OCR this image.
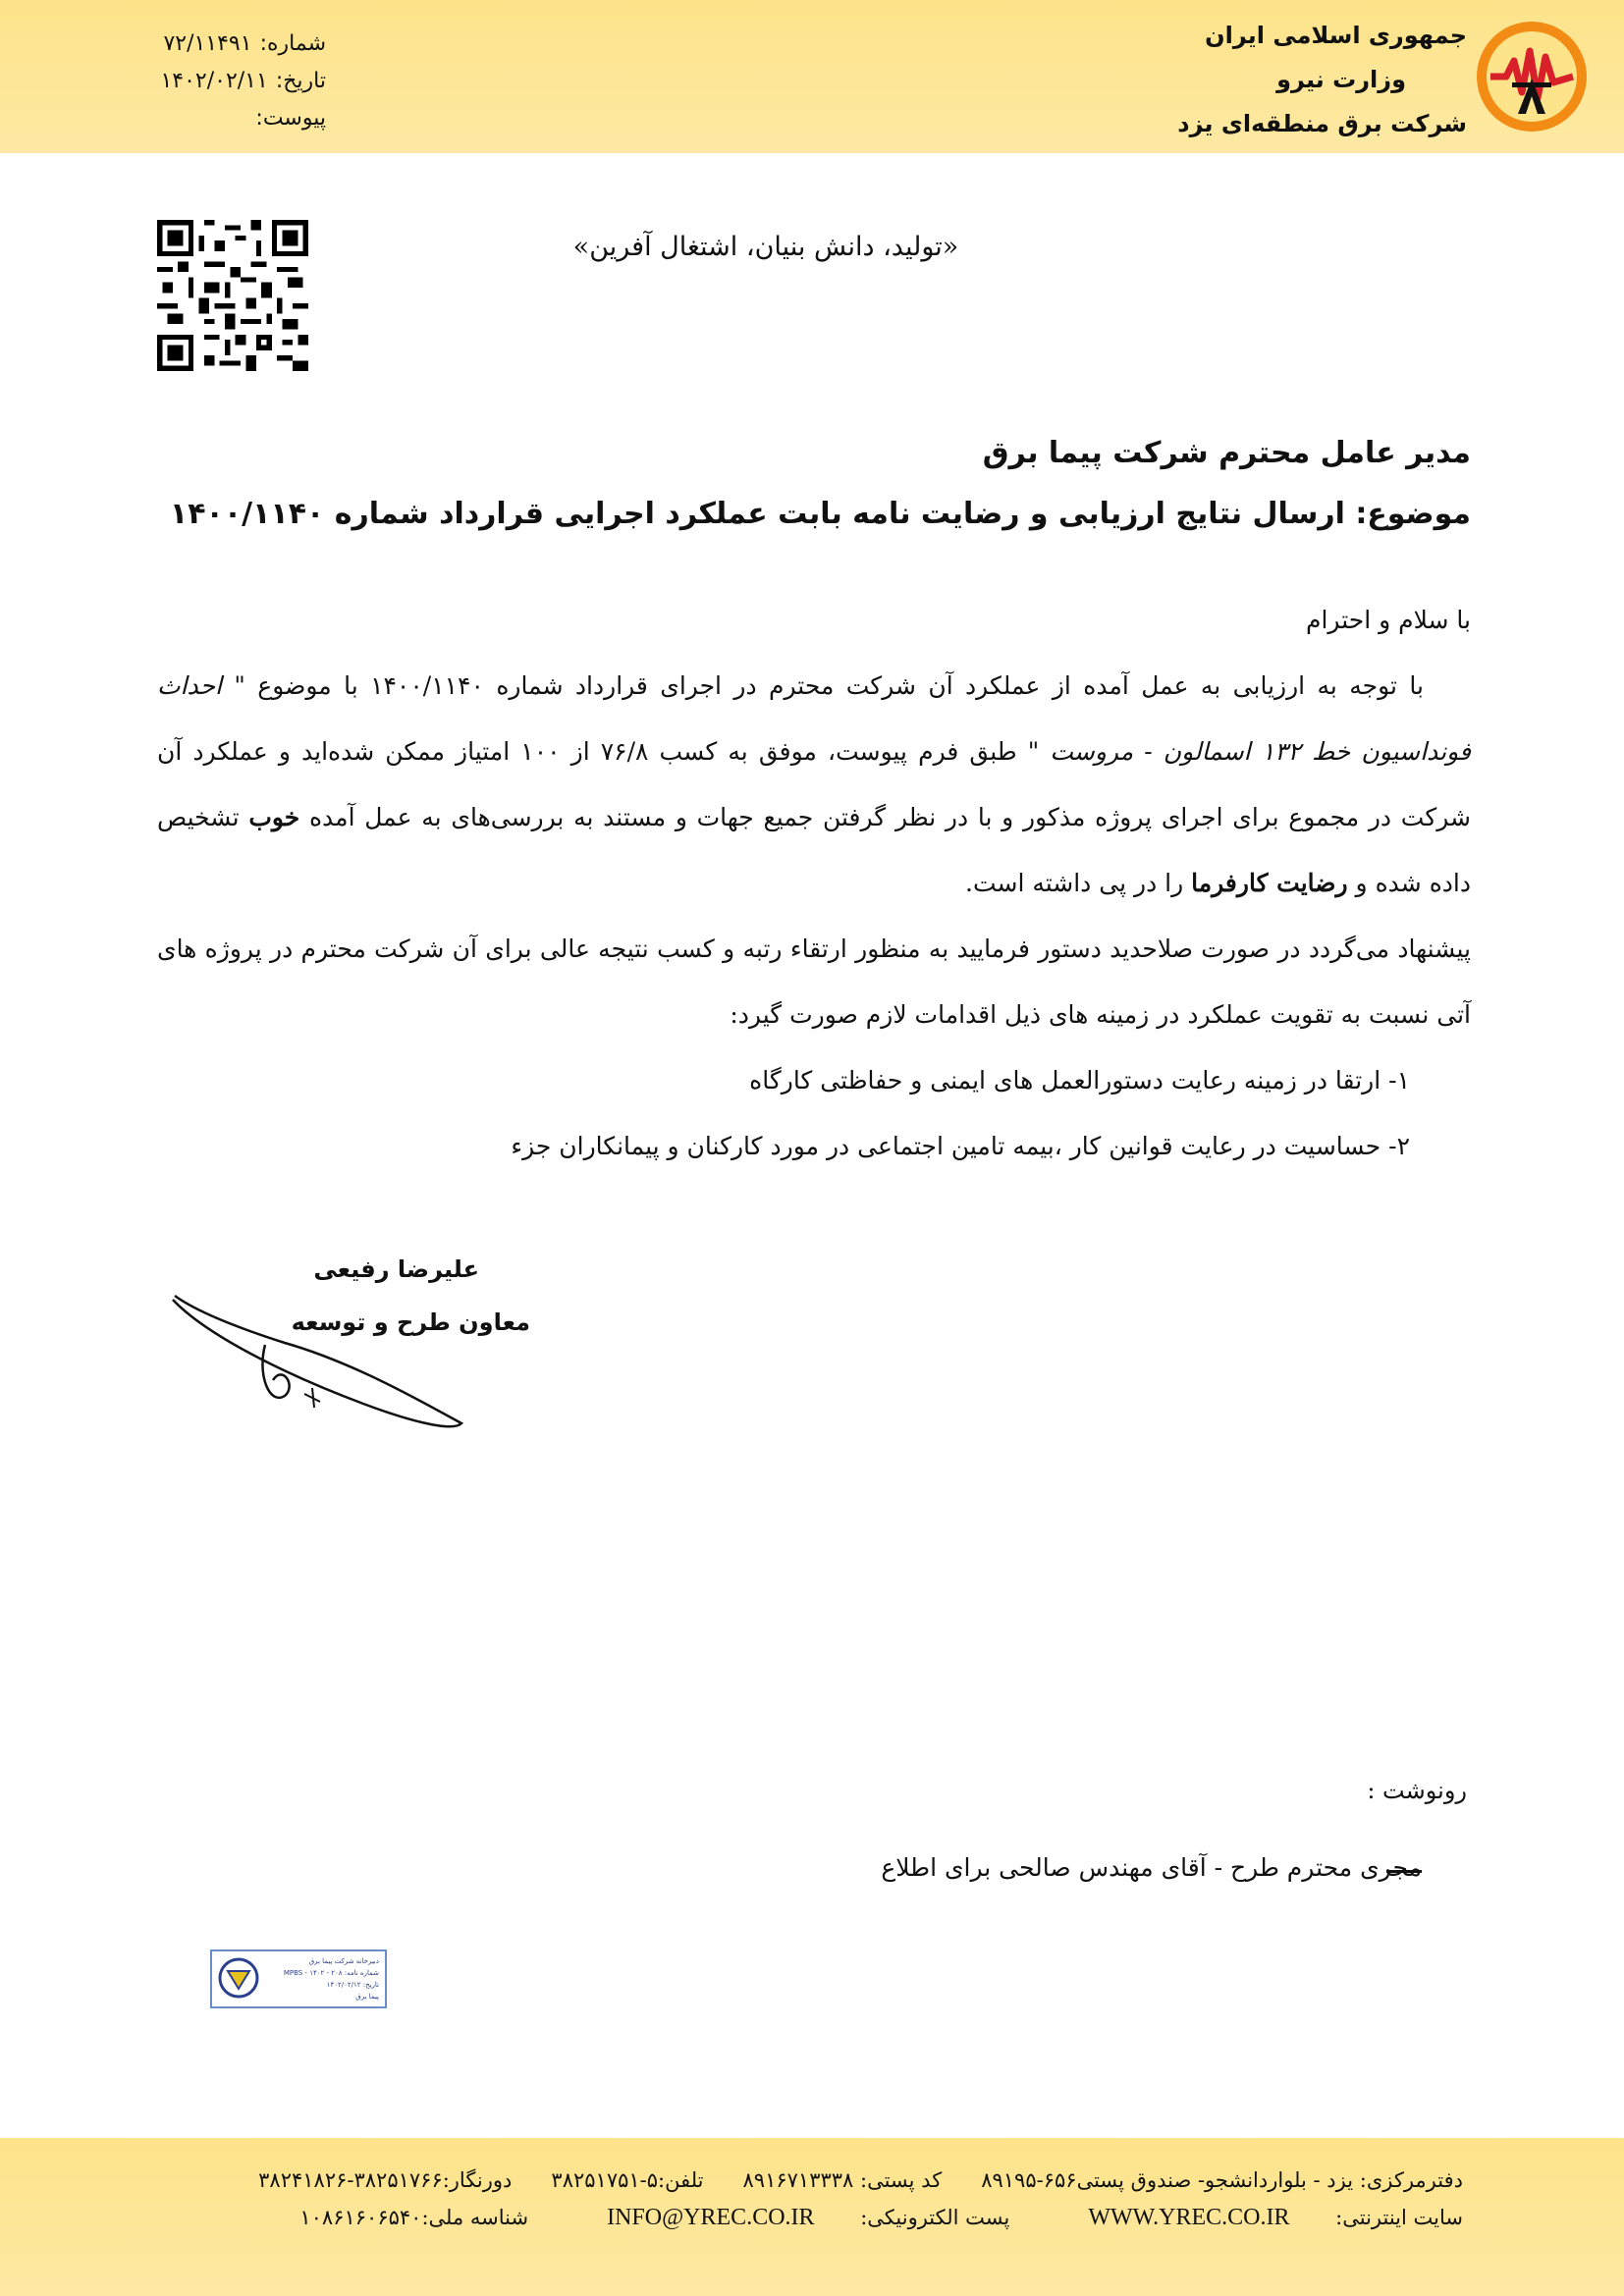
جمهوری اسلامی ایران
وزارت نیرو
شرکت برق منطقه‌ای یزد
شماره:۷۲/۱۱۴۹۱
تاریخ:۱۴۰۲/۰۲/۱۱
پیوست:
«تولید، دانش بنیان، اشتغال آفرین»
مدیر عامل محترم شرکت پیما برق
موضوع: ارسال نتایج ارزیابی و رضایت نامه بابت عملکرد اجرایی قرارداد شماره ۱۴۰۰/۱۱۴۰

با سلام و احترام

با توجه به ارزیابی به عمل آمده از عملکرد آن شرکت محترم در اجرای قرارداد شماره ۱۴۰۰/۱۱۴۰ با موضوع " احداث فونداسیون خط ۱۳۲ اسمالون - مروست " طبق فرم پیوست، موفق به کسب ۷۶/۸ از ۱۰۰ امتیاز ممکن شده‌اید و عملکرد آن شرکت در مجموع برای اجرای پروژه مذکور و با در نظر گرفتن جمیع جهات و مستند به بررسی‌های به عمل آمده خوب تشخیص داده شده و رضایت کارفرما را در پی داشته است.

پیشنهاد می‌گردد در صورت صلاحدید دستور فرمایید به منظور ارتقاء رتبه و کسب نتیجه عالی برای آن شرکت محترم در پروژه های آتی نسبت به تقویت عملکرد در زمینه های ذیل اقدامات لازم صورت گیرد:

۱- ارتقا در زمینه رعایت دستورالعمل های ایمنی و حفاظتی کارگاه

۲- حساسیت در رعایت قوانین کار ،بیمه تامین اجتماعی در مورد کارکنان و پیمانکاران جزء

علیرضا رفیعی
معاون طرح و توسعه
رونوشت :
مجری محترم طرح - آقای مهندس صالحی برای اطلاع
دبیرخانه شرکت پیما برق
شماره نامه: ۲۰۸ - MPBS - ۱۴۰۲
تاریخ: ۱۴۰۲/۰۲/۱۲
پیما برق
دفترمرکزی: یزد - بلواردانشجو- صندوق پستی۶۵۶-۸۹۱۹۵کد پستی: ۸۹۱۶۷۱۳۳۳۸تلفن:۵-۳۸۲۵۱۷۵۱دورنگار:۳۸۲۵۱۷۶۶-۳۸۲۴۱۸۲۶
سایت اینترنتی: WWW.YREC.CO.IRپست الکترونیکی: INFO@YREC.CO.IRشناسه ملی:۱۰۸۶۱۶۰۶۵۴۰
